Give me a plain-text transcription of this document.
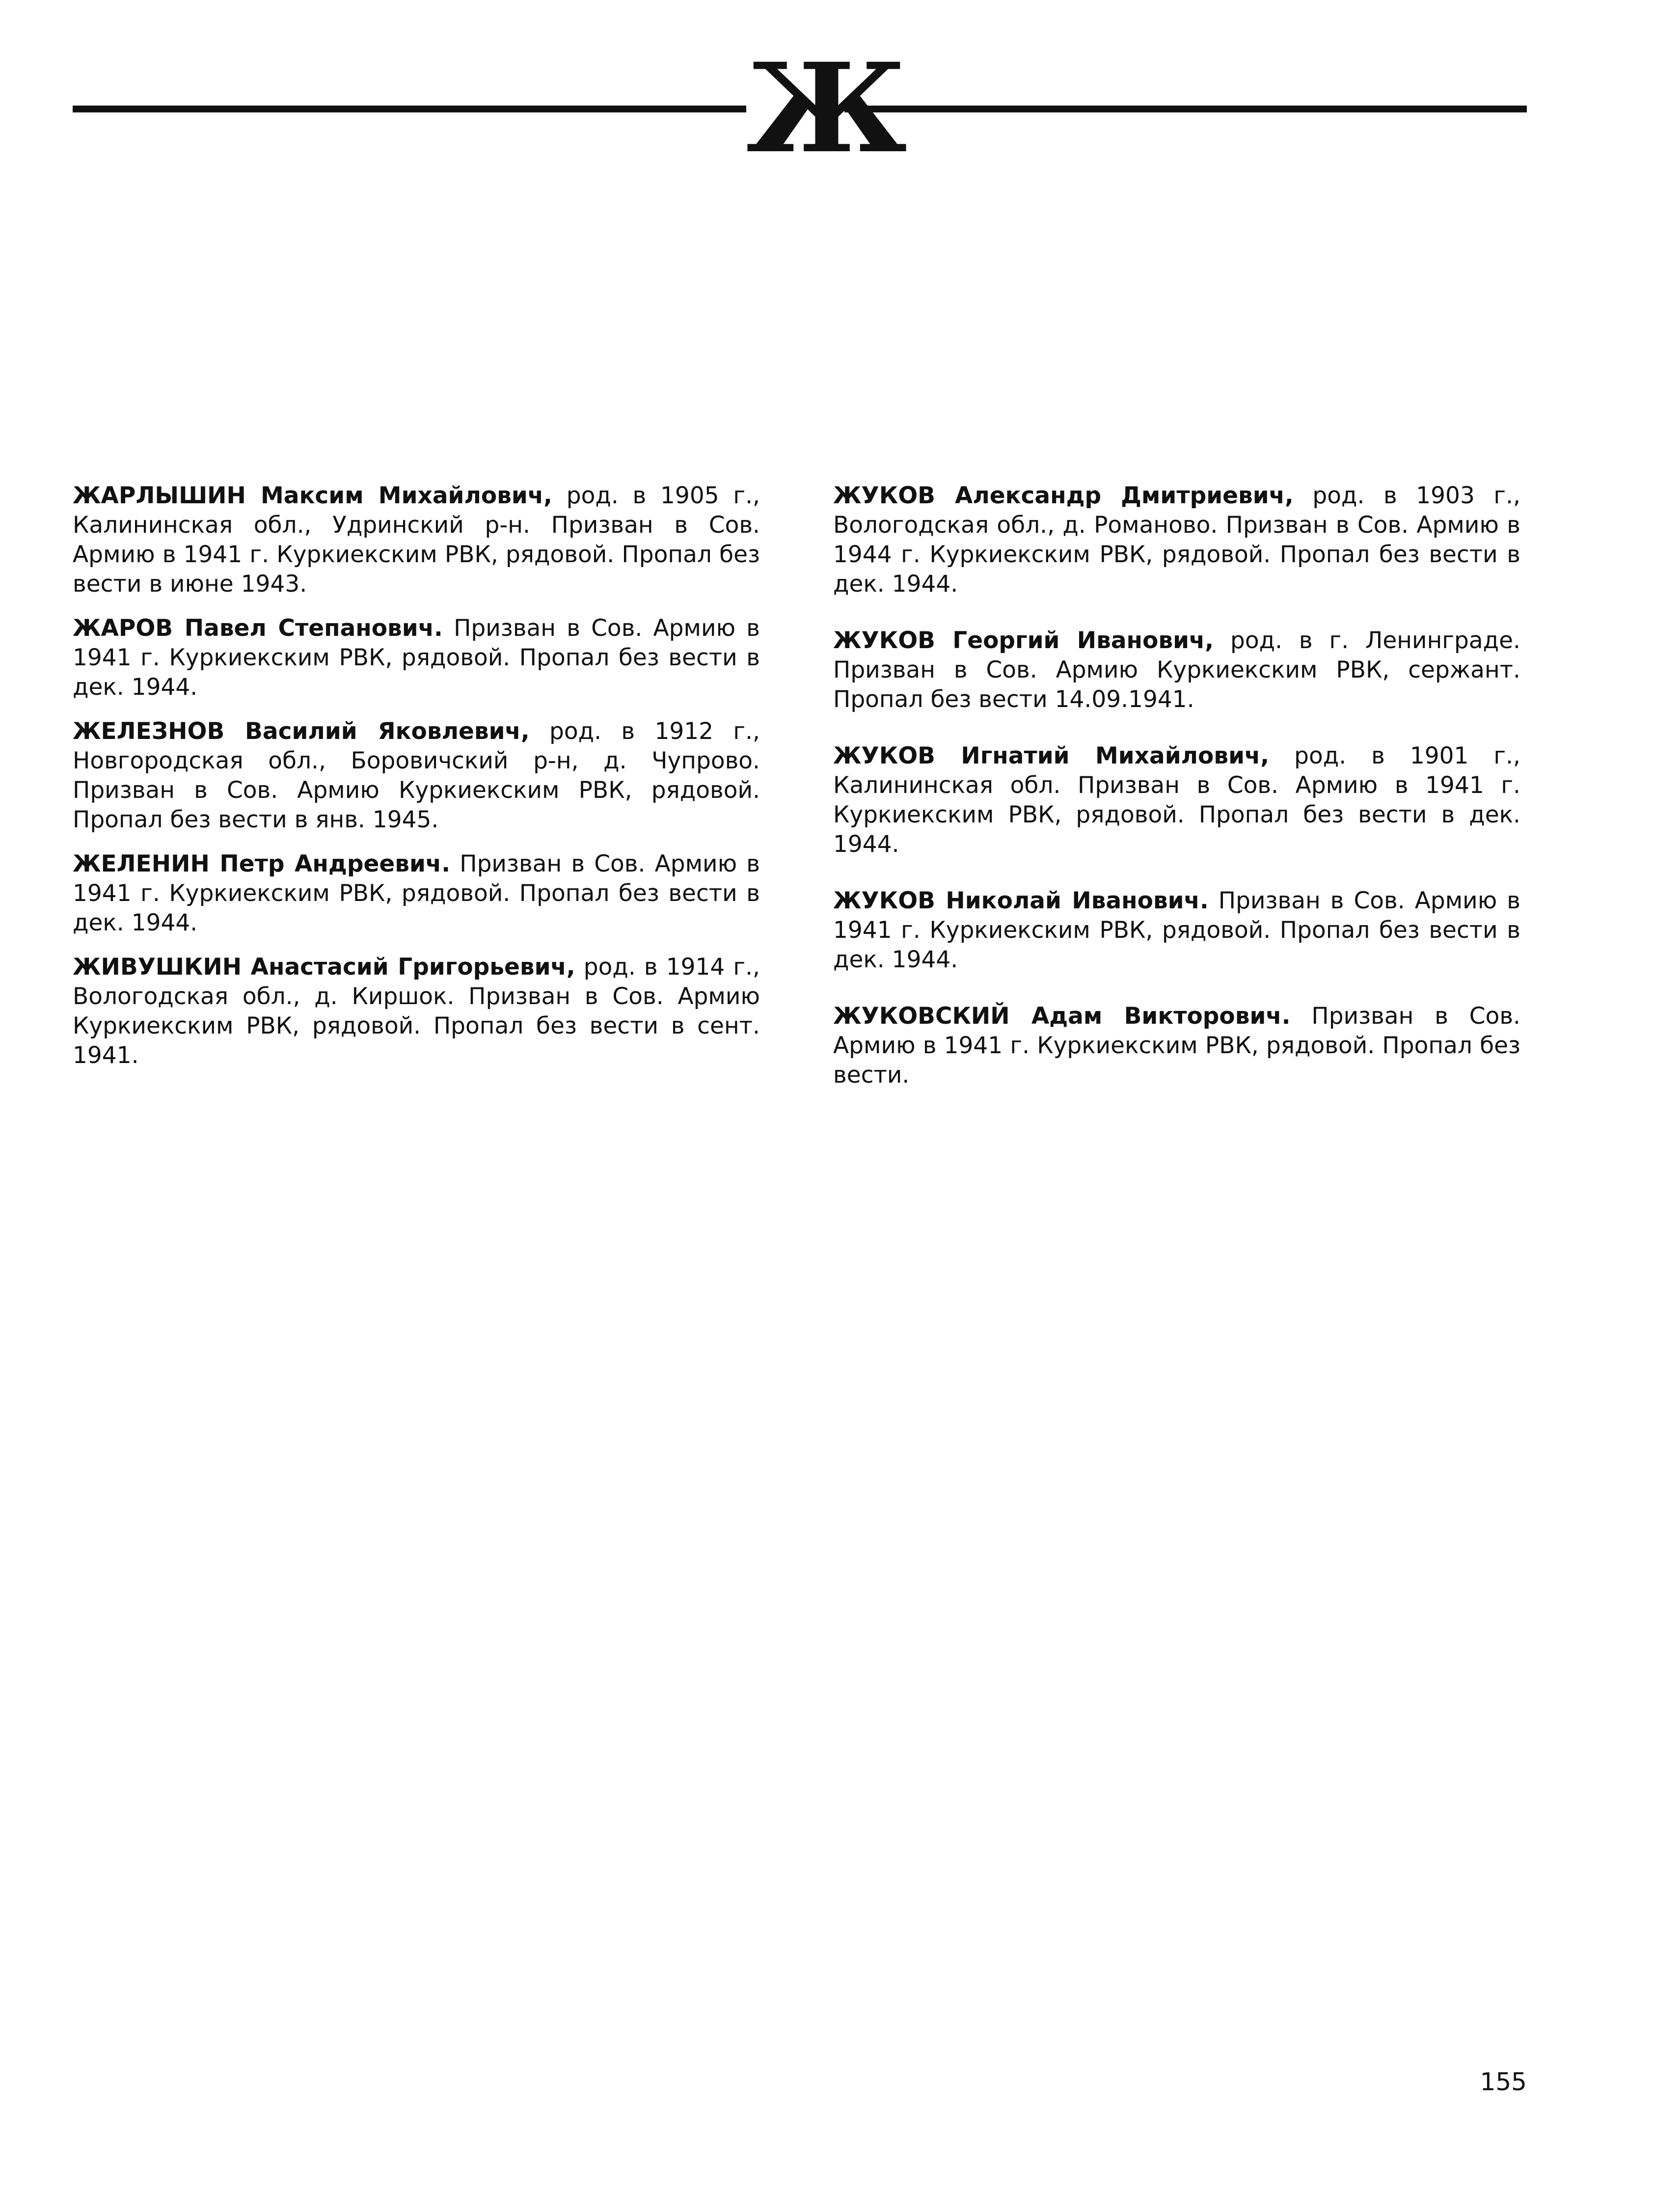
Ж

ЖАРЛЫШИН Максим Михайлович, род. в 1905 г., Калининская обл., Удринский р-н. Призван в Сов. Армию в 1941 г. Куркиекским РВК, рядовой. Пропал без вести в июне 1943.

ЖАРОВ Павел Степанович. Призван в Сов. Армию в 1941 г. Куркиекским РВК, рядовой. Пропал без вести в дек. 1944.

ЖЕЛЕЗНОВ Василий Яковлевич, род. в 1912 г., Новгородская обл., Боровичский р-н, д. Чупрово. Призван в Сов. Армию Куркиекским РВК, рядовой. Пропал без вести в янв. 1945.

ЖЕЛЕНИН Петр Андреевич. Призван в Сов. Армию в 1941 г. Куркиекским РВК, рядовой. Пропал без вести в дек. 1944.

ЖИВУШКИН Анастасий Григорьевич, род. в 1914 г., Вологодская обл., д. Киршок. Призван в Сов. Армию Куркиекским РВК, рядовой. Пропал без вести в сент. 1941.

ЖУКОВ Александр Дмитриевич, род. в 1903 г., Вологодская обл., д. Романово. Призван в Сов. Армию в 1944 г. Куркиекским РВК, рядовой. Пропал без вести в дек. 1944.

ЖУКОВ Георгий Иванович, род. в г. Ленинграде. Призван в Сов. Армию Куркиекским РВК, сержант. Пропал без вести 14.09.1941.

ЖУКОВ Игнатий Михайлович, род. в 1901 г., Калининская обл. Призван в Сов. Армию в 1941 г. Куркиекским РВК, рядовой. Пропал без вести в дек. 1944.

ЖУКОВ Николай Иванович. Призван в Сов. Армию в 1941 г. Куркиекским РВК, рядовой. Пропал без вести в дек. 1944.

ЖУКОВСКИЙ Адам Викторович. Призван в Сов. Армию в 1941 г. Куркиекским РВК, рядовой. Пропал без вести.

155
